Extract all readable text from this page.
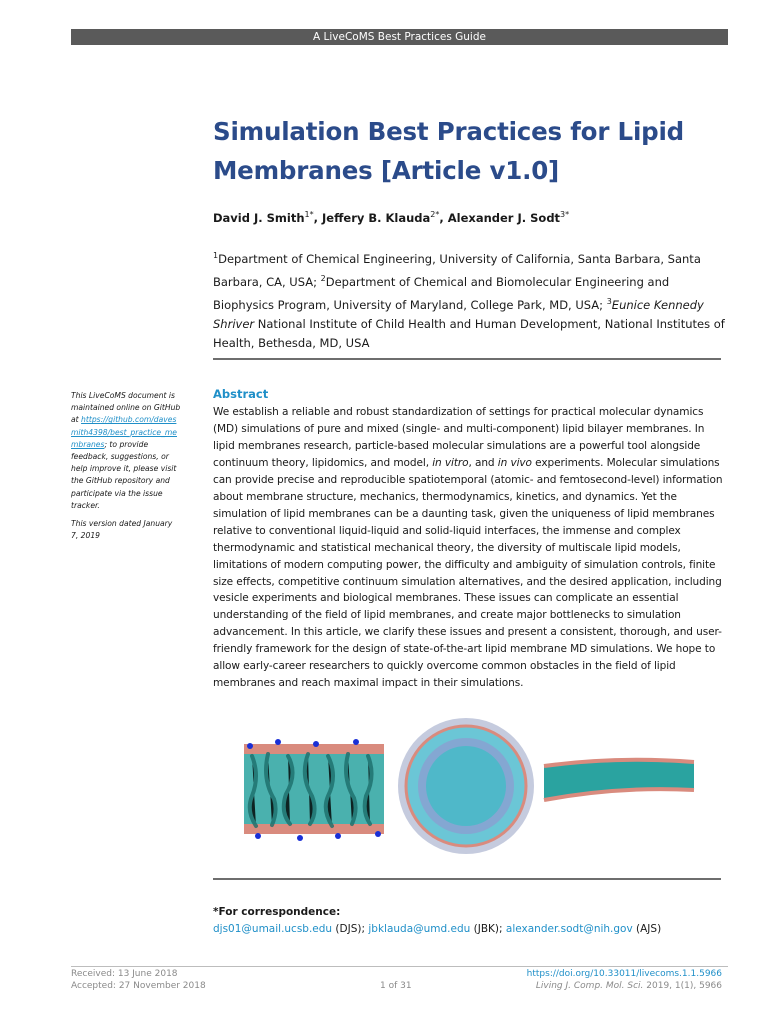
A LiveCoMS Best Practices Guide
Simulation Best Practices for Lipid
Membranes [Article v1.0]
David J. Smith$^{1*}$, Jeffery B. Klauda$^{2*}$, Alexander J. Sodt$^{3*}$
$^1$Department of Chemical Engineering, University of California, Santa Barbara, Santa Barbara, CA, USA; $^2$Department of Chemical and Biomolecular Engineering and Biophysics Program, University of Maryland, College Park, MD, USA; $^3$Eunice Kennedy Shriver National Institute of Child Health and Human Development, National Institutes of Health, Bethesda, MD, USA

This LiveCoMS document is maintained online on GitHub at https://github.com/davesmith4398/best_practice_membranes; to provide feedback, suggestions, or help improve it, please visit the GitHub repository and participate via the issue tracker.

This version dated January 7, 2019

Abstract
We establish a reliable and robust standardization of settings for practical molecular dynamics (MD) simulations of pure and mixed (single- and multi-component) lipid bilayer membranes. In lipid membranes research, particle-based molecular simulations are a powerful tool alongside continuum theory, lipidomics, and model, in vitro, and in vivo experiments. Molecular simulations can provide precise and reproducible spatiotemporal (atomic- and femtosecond-level) information about membrane structure, mechanics, thermodynamics, kinetics, and dynamics. Yet the simulation of lipid membranes can be a daunting task, given the uniqueness of lipid membranes relative to conventional liquid-liquid and solid-liquid interfaces, the immense and complex thermodynamic and statistical mechanical theory, the diversity of multiscale lipid models, limitations of modern computing power, the difficulty and ambiguity of simulation controls, finite size effects, competitive continuum simulation alternatives, and the desired application, including vesicle experiments and biological membranes. These issues can complicate an essential understanding of the field of lipid membranes, and create major bottlenecks to simulation advancement. In this article, we clarify these issues and present a consistent, thorough, and user-friendly framework for the design of state-of-the-art lipid membrane MD simulations. We hope to allow early-career researchers to quickly overcome common obstacles in the field of lipid membranes and reach maximal impact in their simulations.
*For correspondence:
djs01@umail.ucsb.edu (DJS); jbklauda@umd.edu (JBK); alexander.sodt@nih.gov (AJS)
Received: 13 June 2018
Accepted: 27 November 2018	1 of 31
https://doi.org/10.33011/livecoms.1.1.5966
Living J. Comp. Mol. Sci. 2019, 1(1), 5966
